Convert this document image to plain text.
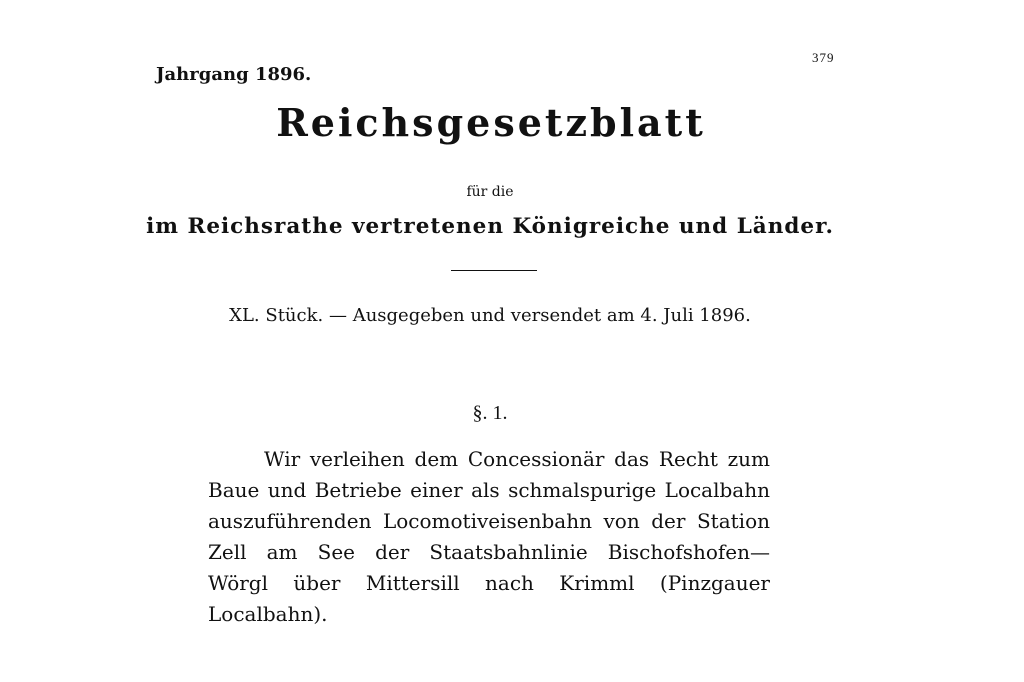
379
Jahrgang 1896.
Reichsgesetzblatt
für die
im Reichsrathe vertretenen Königreiche und Länder.
XL. Stück. — Ausgegeben und versendet am 4. Juli 1896.
§. 1.
Wir verleihen dem Concessionär das Recht zum
Baue und Betriebe einer als schmalspurige Localbahn
auszuführenden Locomotiveisenbahn von der Station
Zell am See der Staatsbahnlinie Bischofshofen—
Wörgl über Mittersill nach Krimml (Pinzgauer
Localbahn).
